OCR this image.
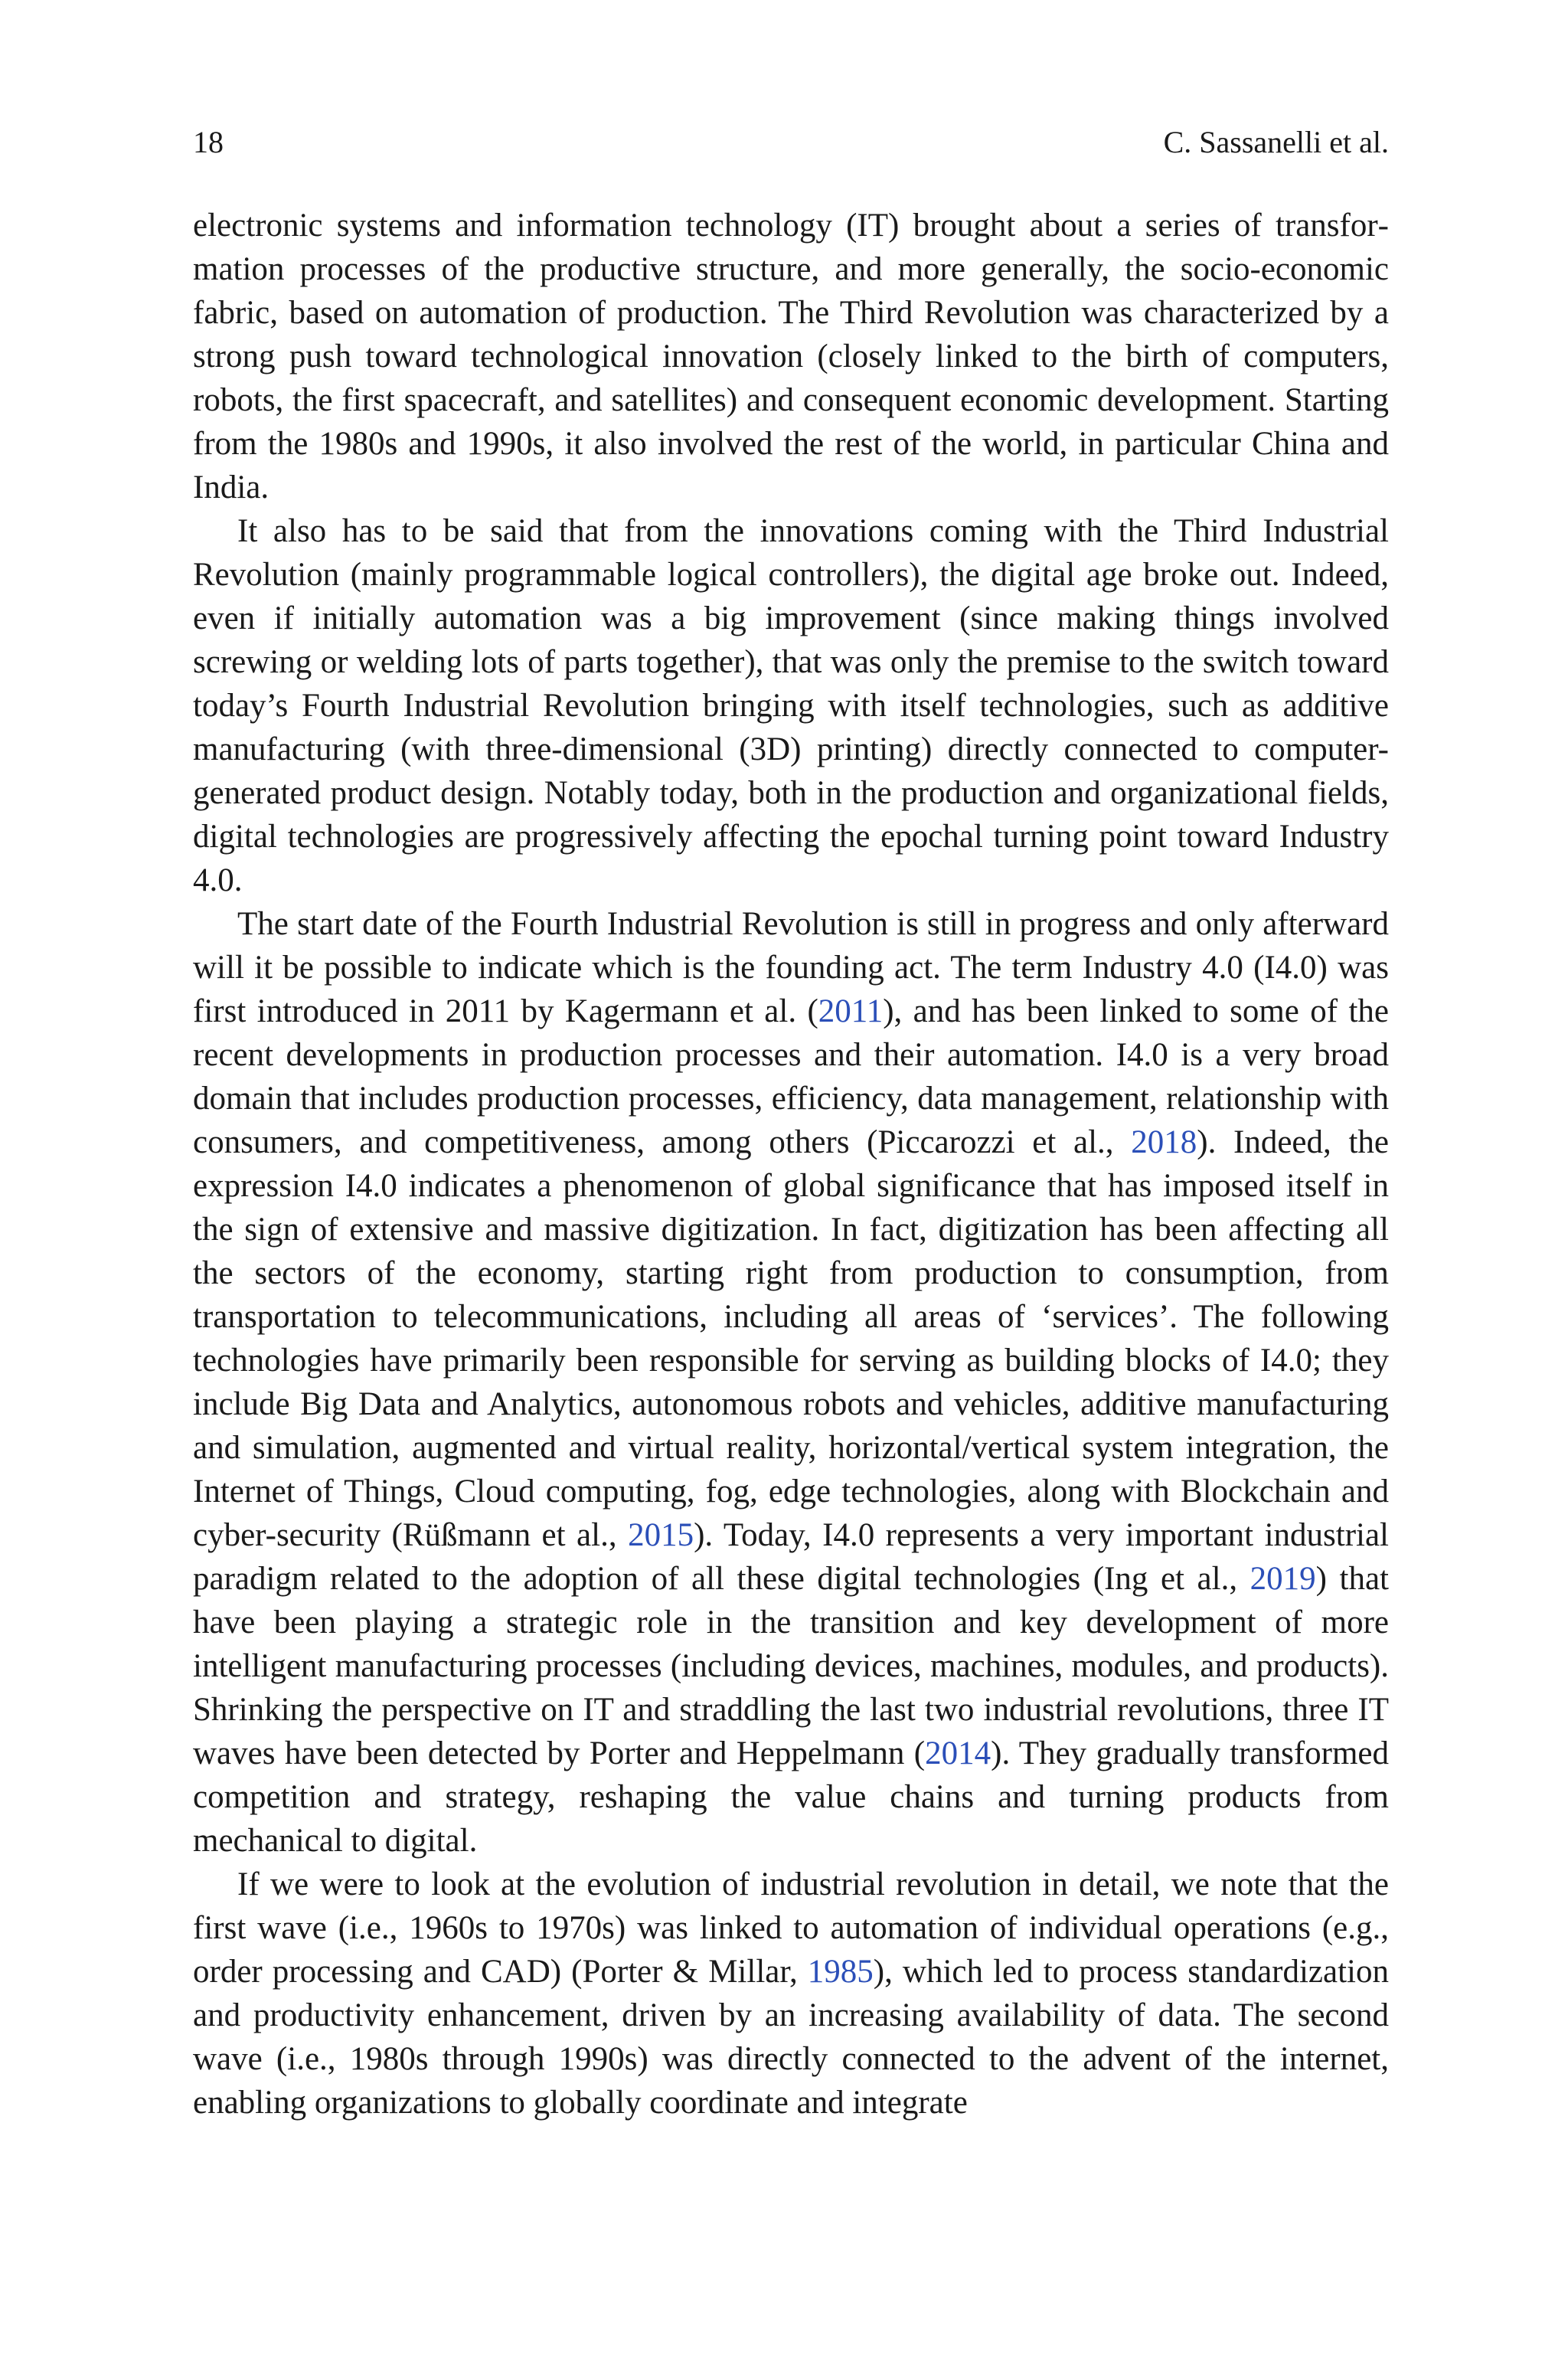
18	C. Sassanelli et al.

electronic systems and information technology (IT) brought about a series of transformation processes of the productive structure, and more generally, the socio-economic fabric, based on automation of production. The Third Revolution was characterized by a strong push toward technological innovation (closely linked to the birth of computers, robots, the first spacecraft, and satellites) and consequent economic development. Starting from the 1980s and 1990s, it also involved the rest of the world, in particular China and India.

It also has to be said that from the innovations coming with the Third Industrial Revolution (mainly programmable logical controllers), the digital age broke out. Indeed, even if initially automation was a big improvement (since making things involved screwing or welding lots of parts together), that was only the premise to the switch toward today’s Fourth Industrial Revolution bringing with itself technologies, such as additive manufacturing (with three-dimensional (3D) printing) directly connected to computer-generated product design. Notably today, both in the production and organizational fields, digital technologies are progressively affecting the epochal turning point toward Industry 4.0.

The start date of the Fourth Industrial Revolution is still in progress and only afterward will it be possible to indicate which is the founding act. The term Industry 4.0 (I4.0) was first introduced in 2011 by Kagermann et al. (2011), and has been linked to some of the recent developments in production processes and their automation. I4.0 is a very broad domain that includes production processes, efficiency, data management, relationship with consumers, and competitiveness, among others (Piccarozzi et al., 2018). Indeed, the expression I4.0 indicates a phenomenon of global significance that has imposed itself in the sign of extensive and massive digitization. In fact, digitization has been affecting all the sectors of the economy, starting right from production to consumption, from transportation to telecommunications, including all areas of ‘services’. The following technologies have primarily been responsible for serving as building blocks of I4.0; they include Big Data and Analytics, autonomous robots and vehicles, additive manufacturing and simulation, augmented and virtual reality, horizontal/vertical system integration, the Internet of Things, Cloud computing, fog, edge technologies, along with Blockchain and cyber-security (Rüßmann et al., 2015). Today, I4.0 represents a very important industrial paradigm related to the adoption of all these digital technologies (Ing et al., 2019) that have been playing a strategic role in the transition and key development of more intelligent manufacturing processes (including devices, machines, modules, and products). Shrinking the perspective on IT and straddling the last two industrial revolutions, three IT waves have been detected by Porter and Heppelmann (2014). They gradually transformed competition and strategy, reshaping the value chains and turning products from mechanical to digital.

If we were to look at the evolution of industrial revolution in detail, we note that the first wave (i.e., 1960s to 1970s) was linked to automation of individual operations (e.g., order processing and CAD) (Porter & Millar, 1985), which led to process standardization and productivity enhancement, driven by an increasing availability of data. The second wave (i.e., 1980s through 1990s) was directly connected to the advent of the internet, enabling organizations to globally coordinate and integrate
